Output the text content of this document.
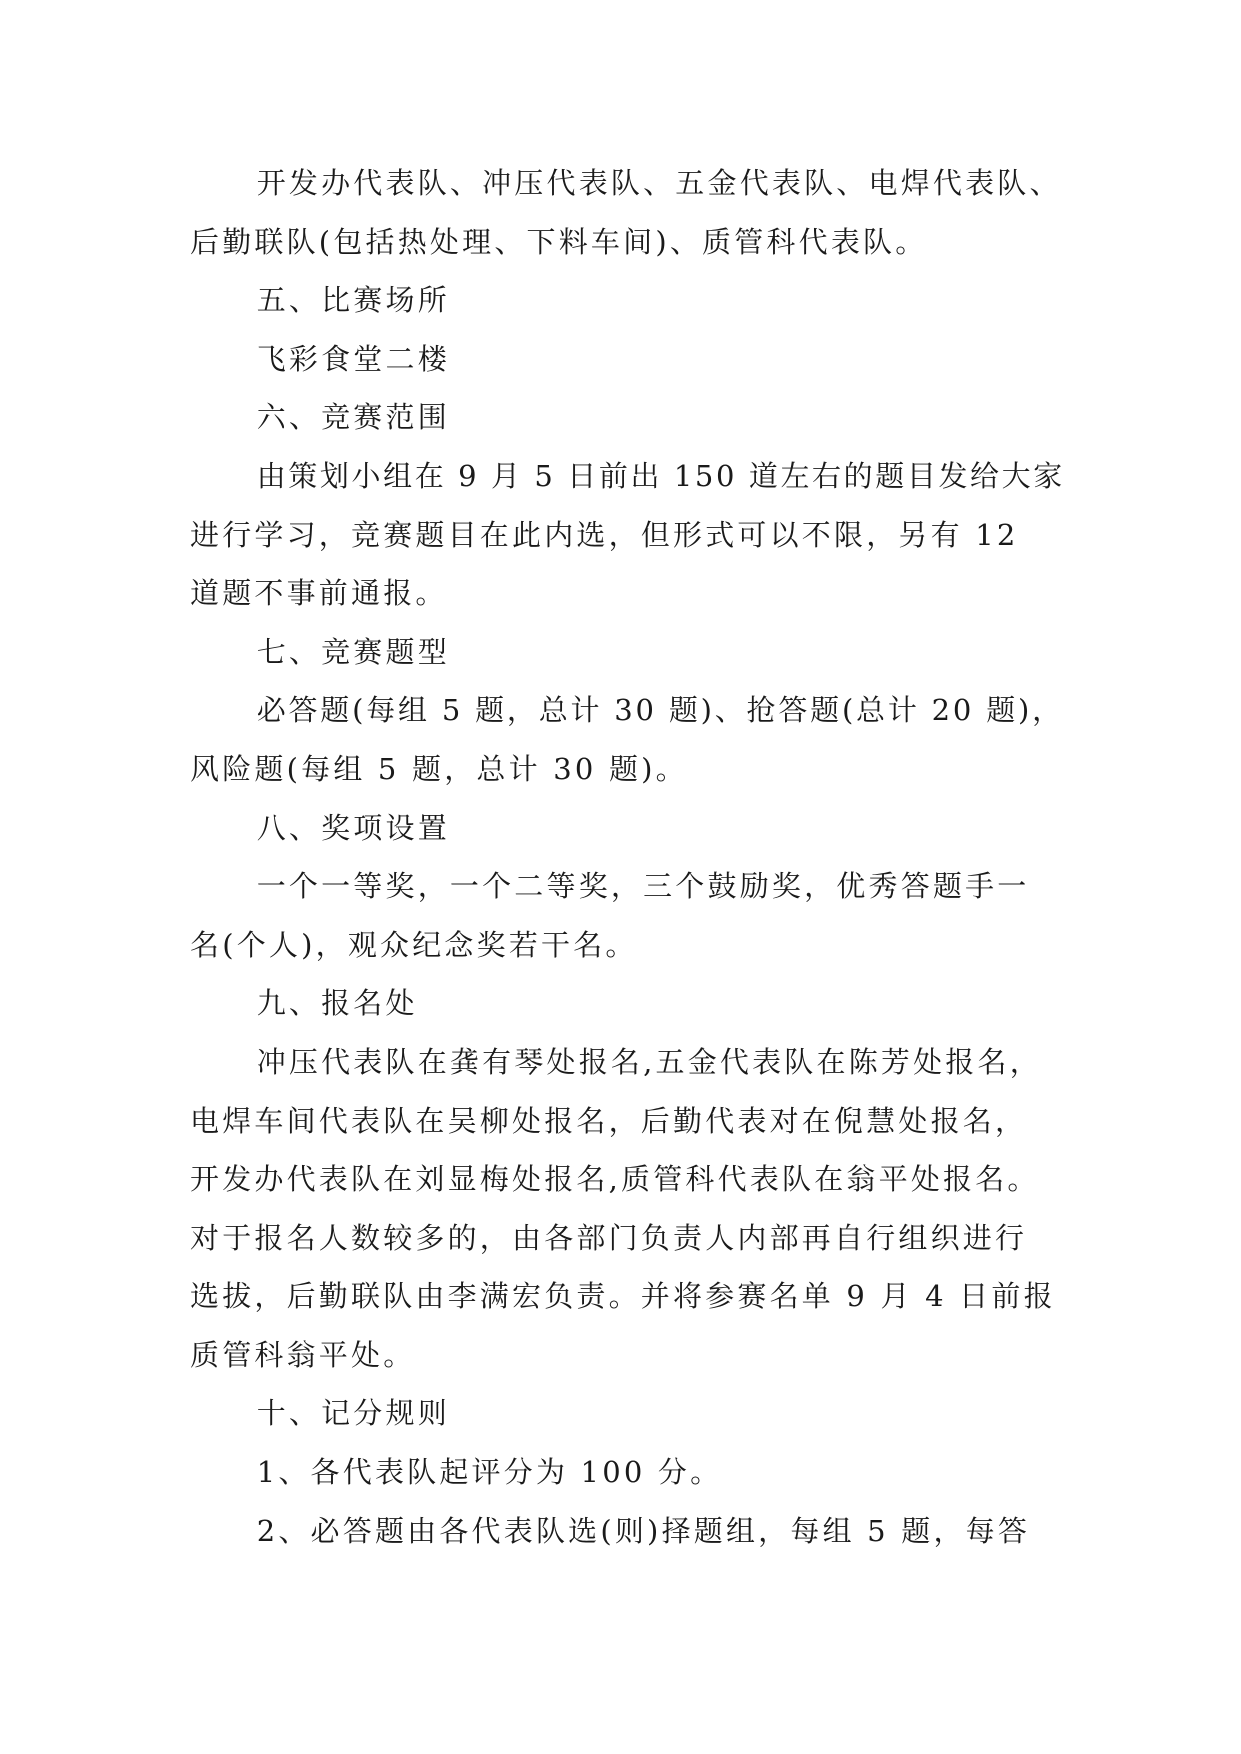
开发办代表队、冲压代表队、五金代表队、电焊代表队、
后勤联队(包括热处理、下料车间)、质管科代表队。

五、比赛场所

飞彩食堂二楼

六、竞赛范围

由策划小组在 9 月 5 日前出 150 道左右的题目发给大家
进行学习，竞赛题目在此内选，但形式可以不限，另有 12
道题不事前通报。

七、竞赛题型

必答题(每组 5 题，总计 30 题)、抢答题(总计 20 题)，
风险题(每组 5 题，总计 30 题)。

八、奖项设置

一个一等奖，一个二等奖，三个鼓励奖，优秀答题手一
名(个人)，观众纪念奖若干名。

九、报名处

冲压代表队在龚有琴处报名,五金代表队在陈芳处报名，
电焊车间代表队在吴柳处报名，后勤代表对在倪慧处报名，
开发办代表队在刘显梅处报名,质管科代表队在翁平处报名。
对于报名人数较多的，由各部门负责人内部再自行组织进行
选拔，后勤联队由李满宏负责。并将参赛名单 9 月 4 日前报
质管科翁平处。

十、记分规则

1、各代表队起评分为 100 分。

2、必答题由各代表队选(则)择题组，每组 5 题，每答
